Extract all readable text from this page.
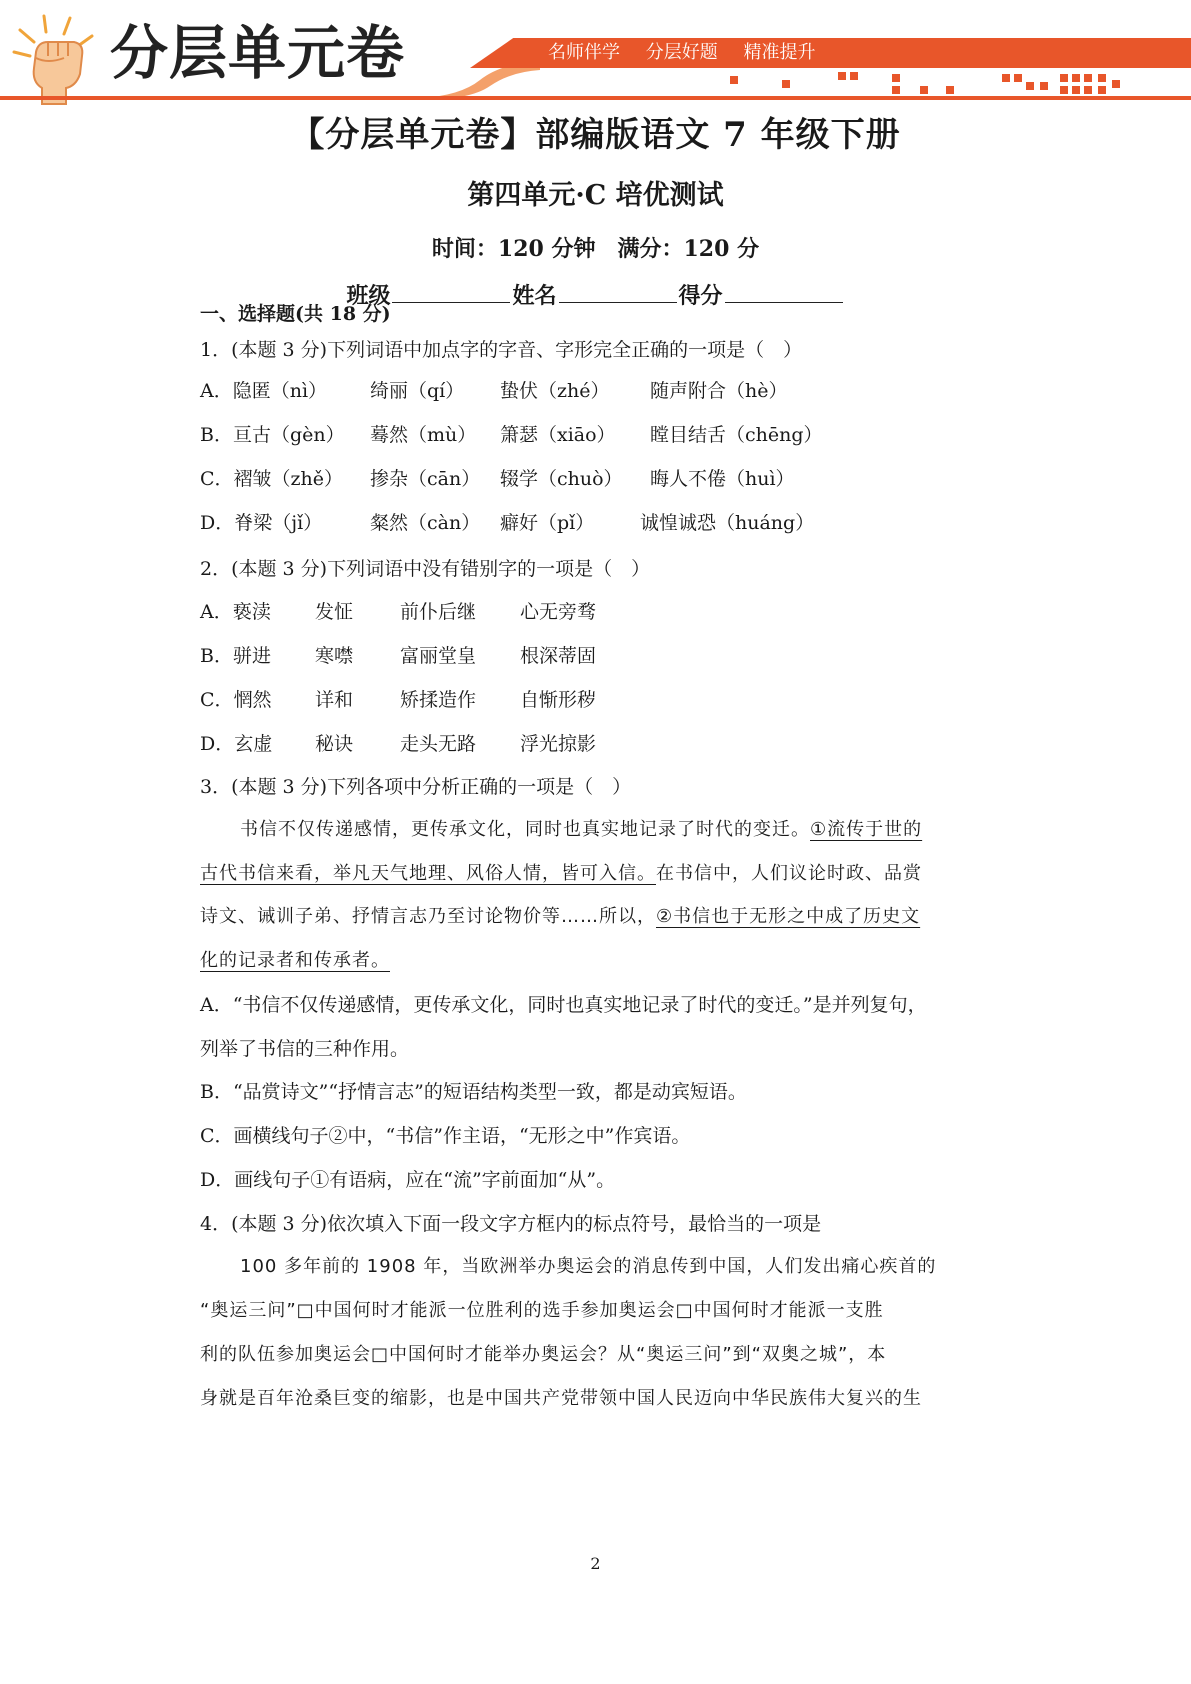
分层单元卷	名师伴学 分层好题 精准提升
【分层单元卷】部编版语文 7 年级下册
第四单元·C 培优测试
时间：120 分钟　满分：120 分
班级	姓名	得分
一、选择题(共 18 分)
1．(本题 3 分)下列词语中加点字的字音、字形完全正确的一项是（　）
A．隐匿（nì） 绮丽（qí） 蛰伏（zhé） 随声附合（hè）
B．亘古（gèn） 蓦然（mù） 箫瑟（xiāo） 瞠目结舌（chēng）
C．褶皱（zhě） 掺杂（cān） 辍学（chuò） 晦人不倦（huì）
D．脊梁（jǐ）	粲然（càn） 癖好（pǐ） 诚惶诚恐（huáng）
2．(本题 3 分)下列词语中没有错别字的一项是（　）
A．亵渎 发怔 前仆后继 心无旁骛
B．骈进 寒噤 富丽堂皇 根深蒂固
C．惘然 详和 矫揉造作 自惭形秽
D．玄虚 秘诀 走头无路 浮光掠影
3．(本题 3 分)下列各项中分析正确的一项是（　）
书信不仅传递感情，更传承文化，同时也真实地记录了时代的变迁。①流传于世的
古代书信来看，举凡天气地理、风俗人情，皆可入信。在书信中，人们议论时政、品赏
诗文、诫训子弟、抒情言志乃至讨论物价等……所以，②书信也于无形之中成了历史文
化的记录者和传承者。
A．“书信不仅传递感情，更传承文化，同时也真实地记录了时代的变迁。”是并列复句，
列举了书信的三种作用。
B．“品赏诗文”“抒情言志”的短语结构类型一致，都是动宾短语。
C．画横线句子②中，“书信”作主语，“无形之中”作宾语。
D．画线句子①有语病，应在“流”字前面加“从”。
4．(本题 3 分)依次填入下面一段文字方框内的标点符号，最恰当的一项是
100 多年前的 1908 年，当欧洲举办奥运会的消息传到中国，人们发出痛心疾首的
“奥运三问”□中国何时才能派一位胜利的选手参加奥运会□中国何时才能派一支胜
利的队伍参加奥运会□中国何时才能举办奥运会？从“奥运三问”到“双奥之城”，本
身就是百年沧桑巨变的缩影，也是中国共产党带领中国人民迈向中华民族伟大复兴的生
2
